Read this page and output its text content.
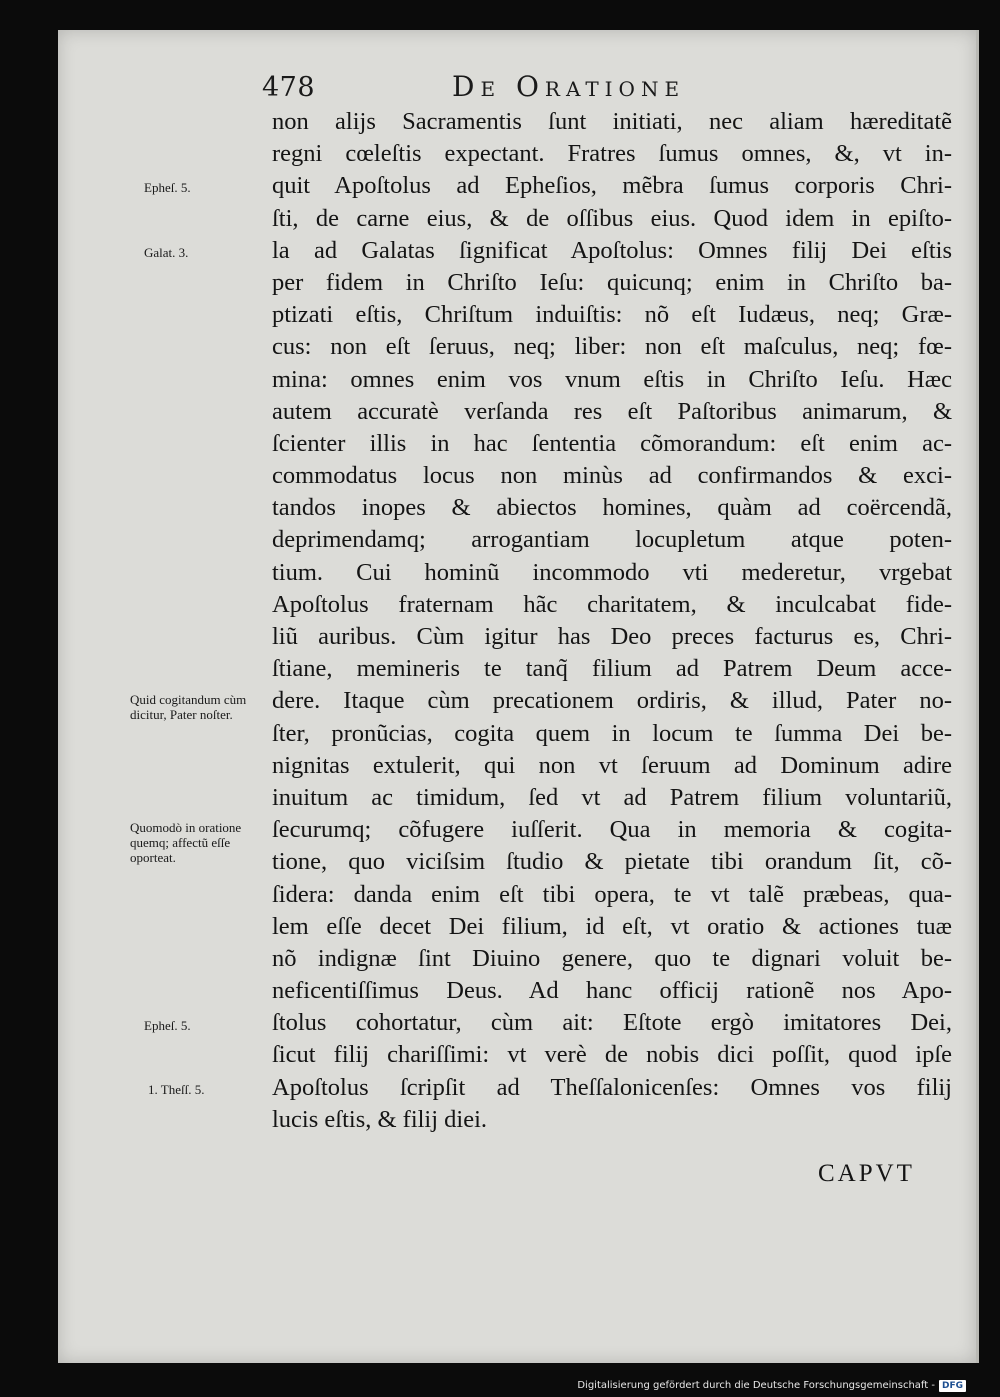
478	De Oratione
non alijs Sacramentis ſunt initiati, nec aliam hæreditatẽ
regni cœleſtis expectant. Fratres ſumus omnes, &, vt in-
quit Apoſtolus ad Epheſios, mẽbra ſumus corporis Chri-
ſti, de carne eius, & de oſſibus eius. Quod idem in epiſto-
la ad Galatas ſignificat Apoſtolus: Omnes filij Dei eſtis
per fidem in Chriſto Ieſu: quicunq; enim in Chriſto ba-
ptizati eſtis, Chriſtum induiſtis: nõ eſt Iudæus, neq; Græ-
cus: non eſt ſeruus, neq; liber: non eſt maſculus, neq; fœ-
mina: omnes enim vos vnum eſtis in Chriſto Ieſu. Hæc
autem accuratè verſanda res eſt Paſtoribus animarum, &
ſcienter illis in hac ſententia cõmorandum: eſt enim ac-
commodatus locus non minùs ad confirmandos & exci-
tandos inopes & abiectos homines, quàm ad coërcendã,
deprimendamq; arrogantiam locupletum atque poten-
tium. Cui hominũ incommodo vti mederetur, vrgebat
Apoſtolus fraternam hãc charitatem, & inculcabat fide-
liũ auribus. Cùm igitur has Deo preces facturus es, Chri-
ſtiane, memineris te tanq̃ filium ad Patrem Deum acce-
dere. Itaque cùm precationem ordiris, & illud, Pater no-
ſter, pronũcias, cogita quem in locum te ſumma Dei be-
nignitas extulerit, qui non vt ſeruum ad Dominum adire
inuitum ac timidum, ſed vt ad Patrem filium voluntariũ,
ſecurumq; cõfugere iuſſerit. Qua in memoria & cogita-
tione, quo viciſsim ſtudio & pietate tibi orandum ſit, cõ-
ſidera: danda enim eſt tibi opera, te vt talẽ præbeas, qua-
lem eſſe decet Dei filium, id eſt, vt oratio & actiones tuæ
nõ indignæ ſint Diuino genere, quo te dignari voluit be-
neficentiſſimus Deus. Ad hanc officij rationẽ nos Apo-
ſtolus cohortatur, cùm ait: Eſtote ergò imitatores Dei,
ſicut filij chariſſimi: vt verè de nobis dici poſſit, quod ipſe
Apoſtolus ſcripſit ad Theſſalonicenſes: Omnes vos filij
lucis eſtis, & filij diei.
Epheſ. 5.
Galat. 3.
Quid cogitandum cùm dicitur, Pater noſter.
Quomodò in oratione quemq; affectũ eſſe oporteat.
Epheſ. 5.
1. Theſſ. 5.
CAPVT
Digitalisierung gefördert durch die Deutsche Forschungsgemeinschaft - DFG
